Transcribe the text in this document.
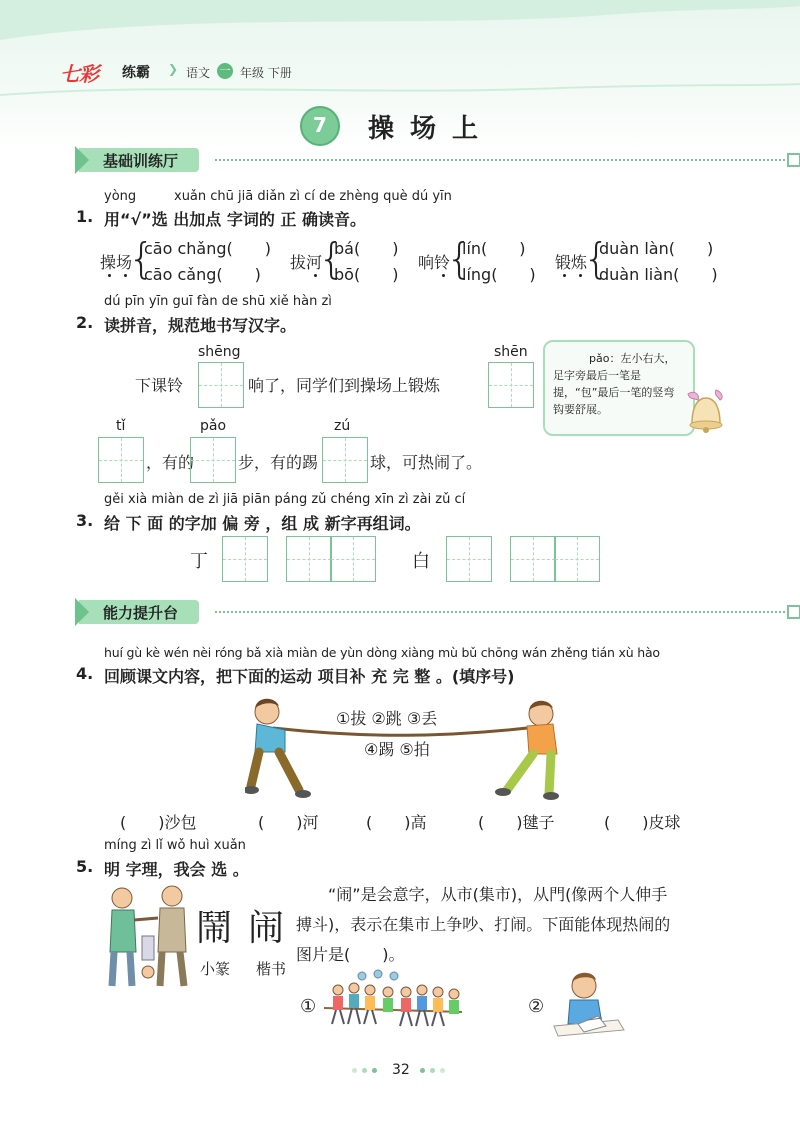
七彩 练霸 ❯ 语文 一 年级 下册
7	操场上
基础训练厅
yòng	xuǎn chū jiā diǎn zì cí de zhèng què dú yīn
1. 用“√”选 出加点 字词的 正 确读音。
操场
{
cāo chǎng(　　)
cāo cǎng(　　)
拔河
{
bá(　　)
bō(　　)
响铃
{
lín(　　)
líng(　　)
锻炼
{
duàn làn(　　)
duàn liàn(　　)
dú pīn yīn guī fàn de shū xiě hàn zì
2. 读拼音，规范地书写汉字。
shēng	shēn
下课铃	响了，同学们到操场上锻炼
pǎo：左小右大，足字旁最后一笔是提，“包”最后一笔的竖弯钩要舒展。
tǐ	pǎo	zú
，有的	步，有的踢	球，可热闹了。
gěi xià miàn de zì jiā piān páng zǔ chéng xīn zì zài zǔ cí
3. 给 下 面 的字加 偏 旁 ，组 成 新字再组词。
丁	白
能力提升台
huí gù kè wén nèi róng bǎ xià miàn de yùn dòng xiàng mù bǔ chōng wán zhěng tián xù hào
4. 回顾课文内容，把下面的运动 项目补 充 完 整 。(填序号)
①拔 ②跳 ③丢
④踢 ⑤拍
(　　)沙包	(　　)河	(　　)高	(　　)毽子	(　　)皮球
míng zì lǐ wǒ huì xuǎn
5. 明 字理，我会 选 。
鬧 闹
小篆 楷书
“闹”是会意字，从市(集市)，从門(像两个人伸手
搏斗)，表示在集市上争吵、打闹。下面能体现热闹的
图片是(　　)。
①	②
32
